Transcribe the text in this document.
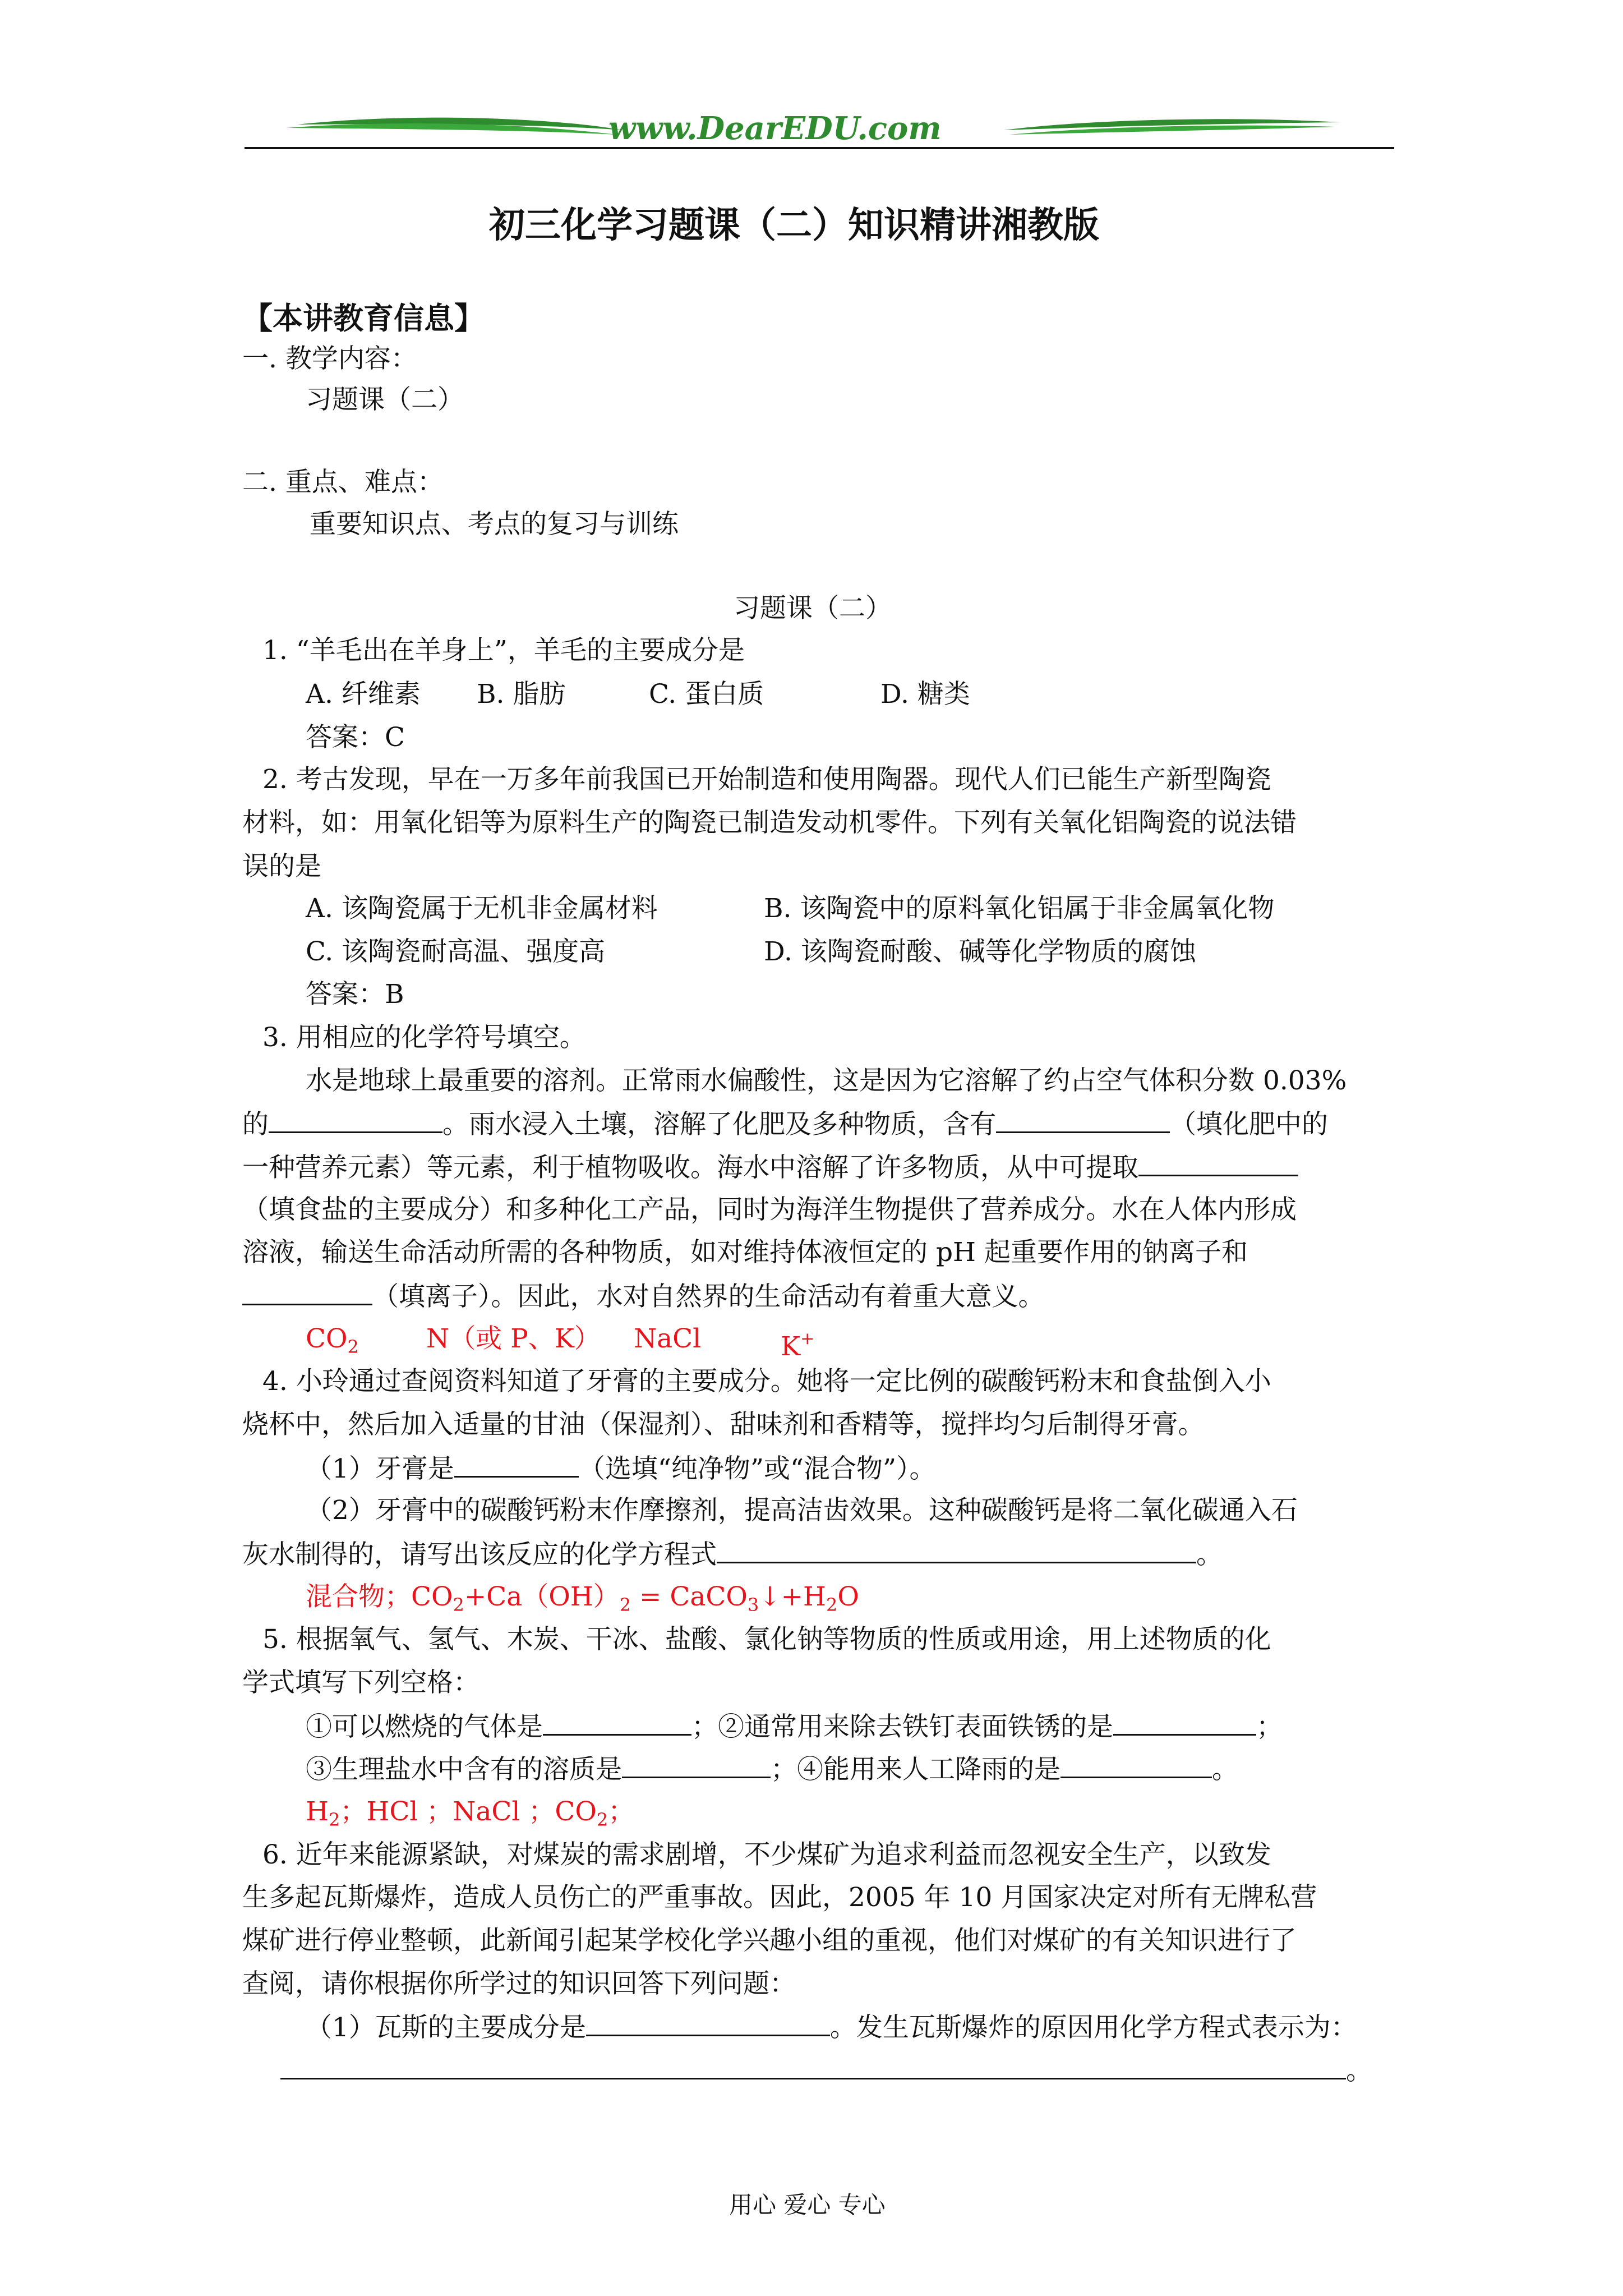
www.DearEDU.com
初三化学习题课（二）知识精讲湘教版
【本讲教育信息】
一. 教学内容：
习题课（二）
二. 重点、难点：
重要知识点、考点的复习与训练
习题课（二）
1. “羊毛出在羊身上”，羊毛的主要成分是
A. 纤维素 B. 脂肪	C. 蛋白质	D. 糖类
答案：C
2. 考古发现，早在一万多年前我国已开始制造和使用陶器。现代人们已能生产新型陶瓷
材料，如：用氧化铝等为原料生产的陶瓷已制造发动机零件。下列有关氧化铝陶瓷的说法错
误的是
A. 该陶瓷属于无机非金属材料	B. 该陶瓷中的原料氧化铝属于非金属氧化物
C. 该陶瓷耐高温、强度高	D. 该陶瓷耐酸、碱等化学物质的腐蚀
答案：B
3. 用相应的化学符号填空。
水是地球上最重要的溶剂。正常雨水偏酸性，这是因为它溶解了约占空气体积分数 0.03%
的	。雨水浸入土壤，溶解了化肥及多种物质，含有	（填化肥中的
一种营养元素）等元素，利于植物吸收。海水中溶解了许多物质，从中可提取
（填食盐的主要成分）和多种化工产品，同时为海洋生物提供了营养成分。水在人体内形成
溶液，输送生命活动所需的各种物质，如对维持体液恒定的 pH 起重要作用的钠离子和
（填离子）。因此，水对自然界的生命活动有着重大意义。
$CO_2$	N（或 P、K） NaCl	K+
4. 小玲通过查阅资料知道了牙膏的主要成分。她将一定比例的碳酸钙粉末和食盐倒入小
烧杯中，然后加入适量的甘油（保湿剂）、甜味剂和香精等，搅拌均匀后制得牙膏。
（1）牙膏是	（选填“纯净物”或“混合物”）。
（2）牙膏中的碳酸钙粉末作摩擦剂，提高洁齿效果。这种碳酸钙是将二氧化碳通入石
灰水制得的，请写出该反应的化学方程式	。
混合物；$CO_2+Ca(OH)_2$ = $CaCO_3↓+H_2O$
5. 根据氧气、氢气、木炭、干冰、盐酸、氯化钠等物质的性质或用途，用上述物质的化
学式填写下列空格：
①可以燃烧的气体是	；②通常用来除去铁钉表面铁锈的是	；
③生理盐水中含有的溶质是	；④能用来人工降雨的是	。
$H_2$；HCl ；NaCl ；$CO_2$；
6. 近年来能源紧缺，对煤炭的需求剧增，不少煤矿为追求利益而忽视安全生产，以致发
生多起瓦斯爆炸，造成人员伤亡的严重事故。因此，2005 年 10 月国家决定对所有无牌私营
煤矿进行停业整顿，此新闻引起某学校化学兴趣小组的重视，他们对煤矿的有关知识进行了
查阅，请你根据你所学过的知识回答下列问题：
（1）瓦斯的主要成分是	。发生瓦斯爆炸的原因用化学方程式表示为：
。
用心 爱心 专心
